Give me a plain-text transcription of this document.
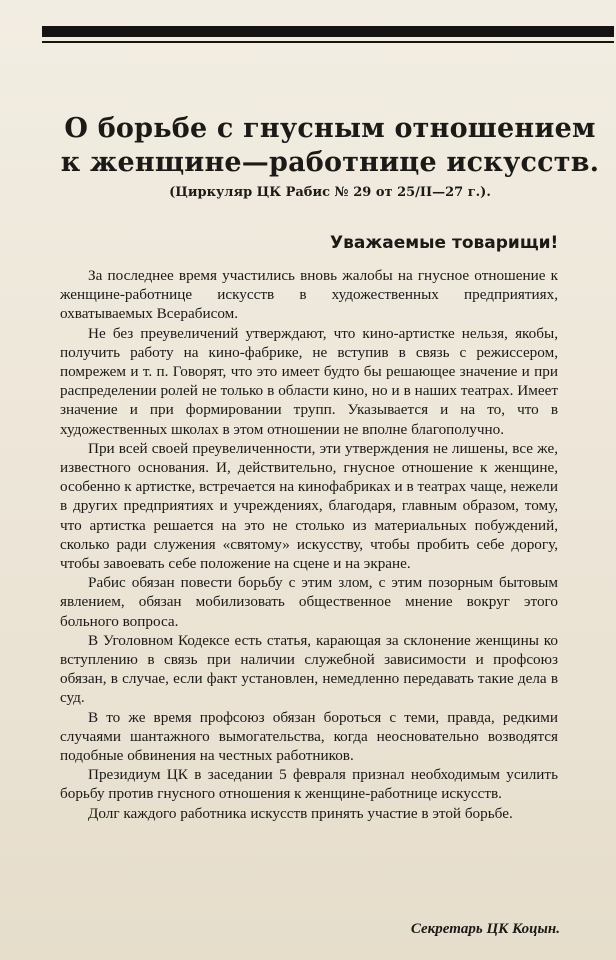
О борьбе с гнусным отношением к женщине—работнице искусств.
(Циркуляр ЦК Рабис № 29 от 25/II—27 г.).
Уважаемые товарищи!

За последнее время участились вновь жалобы на гнусное отношение к женщине-работнице искусств в художественных предприятиях, охватываемых Всерабисом.

Не без преувеличений утверждают, что кино-артистке нельзя, якобы, получить работу на кино-фабрике, не вступив в связь с режиссером, помрежем и т. п. Говорят, что это имеет будто бы решающее значение и при распределении ролей не только в области кино, но и в наших театрах. Имеет значение и при формировании трупп. Указывается и на то, что в художественных школах в этом отношении не вполне благополучно.

При всей своей преувеличенности, эти утверждения не лишены, все же, известного основания. И, действительно, гнусное отношение к женщине, особенно к артистке, встречается на кинофабриках и в театрах чаще, нежели в других предприятиях и учреждениях, благодаря, главным образом, тому, что артистка решается на это не столько из материальных побуждений, сколько ради служения «святому» искусству, чтобы пробить себе дорогу, чтобы завоевать себе положение на сцене и на экране.

Рабис обязан повести борьбу с этим злом, с этим позорным бытовым явлением, обязан мобилизовать общественное мнение вокруг этого больного вопроса.

В Уголовном Кодексе есть статья, карающая за склонение женщины ко вступлению в связь при наличии служебной зависимости и профсоюз обязан, в случае, если факт установлен, немедленно передавать такие дела в суд.

В то же время профсоюз обязан бороться с теми, правда, редкими случаями шантажного вымогательства, когда неосновательно возводятся подобные обвинения на честных работников.

Президиум ЦК в заседании 5 февраля признал необходимым усилить борьбу против гнусного отношения к женщине-работнице искусств.

Долг каждого работника искусств принять участие в этой борьбе.

Секретарь ЦК Коцын.
